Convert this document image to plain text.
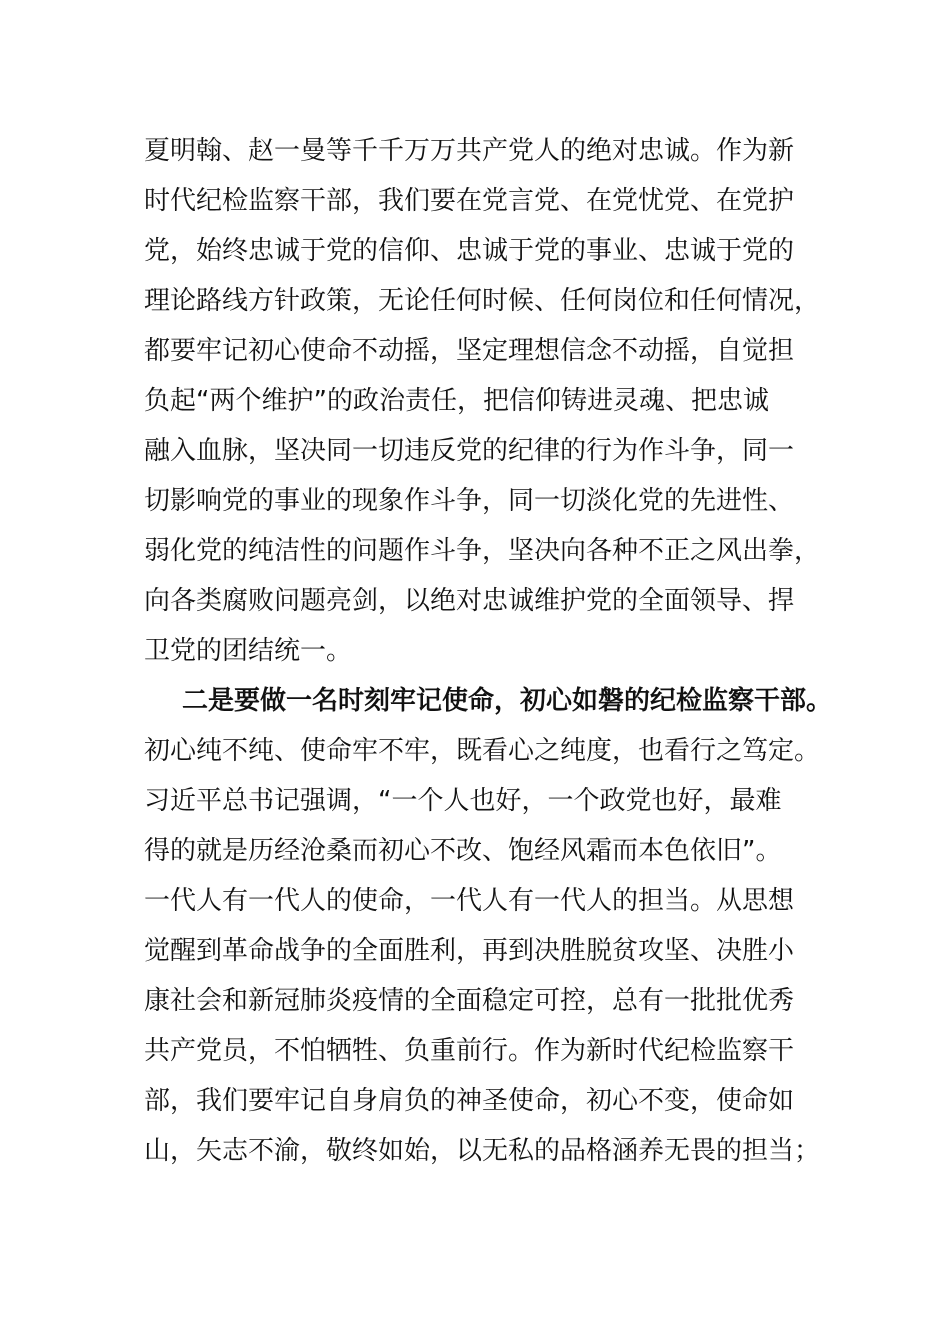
夏明翰、赵一曼等千千万万共产党人的绝对忠诚。作为新
时代纪检监察干部，我们要在党言党、在党忧党、在党护
党，始终忠诚于党的信仰、忠诚于党的事业、忠诚于党的
理论路线方针政策，无论任何时候、任何岗位和任何情况，
都要牢记初心使命不动摇，坚定理想信念不动摇，自觉担
负起“两个维护”的政治责任，把信仰铸进灵魂、把忠诚
融入血脉，坚决同一切违反党的纪律的行为作斗争，同一
切影响党的事业的现象作斗争，同一切淡化党的先进性、
弱化党的纯洁性的问题作斗争，坚决向各种不正之风出拳，
向各类腐败问题亮剑，以绝对忠诚维护党的全面领导、捍
卫党的团结统一。
二是要做一名时刻牢记使命，初心如磐的纪检监察干部。
初心纯不纯、使命牢不牢，既看心之纯度，也看行之笃定。
习近平总书记强调，“一个人也好，一个政党也好，最难
得的就是历经沧桑而初心不改、饱经风霜而本色依旧”。
一代人有一代人的使命，一代人有一代人的担当。从思想
觉醒到革命战争的全面胜利，再到决胜脱贫攻坚、决胜小
康社会和新冠肺炎疫情的全面稳定可控，总有一批批优秀
共产党员，不怕牺牲、负重前行。作为新时代纪检监察干
部，我们要牢记自身肩负的神圣使命，初心不变，使命如
山，矢志不渝，敬终如始，以无私的品格涵养无畏的担当；
